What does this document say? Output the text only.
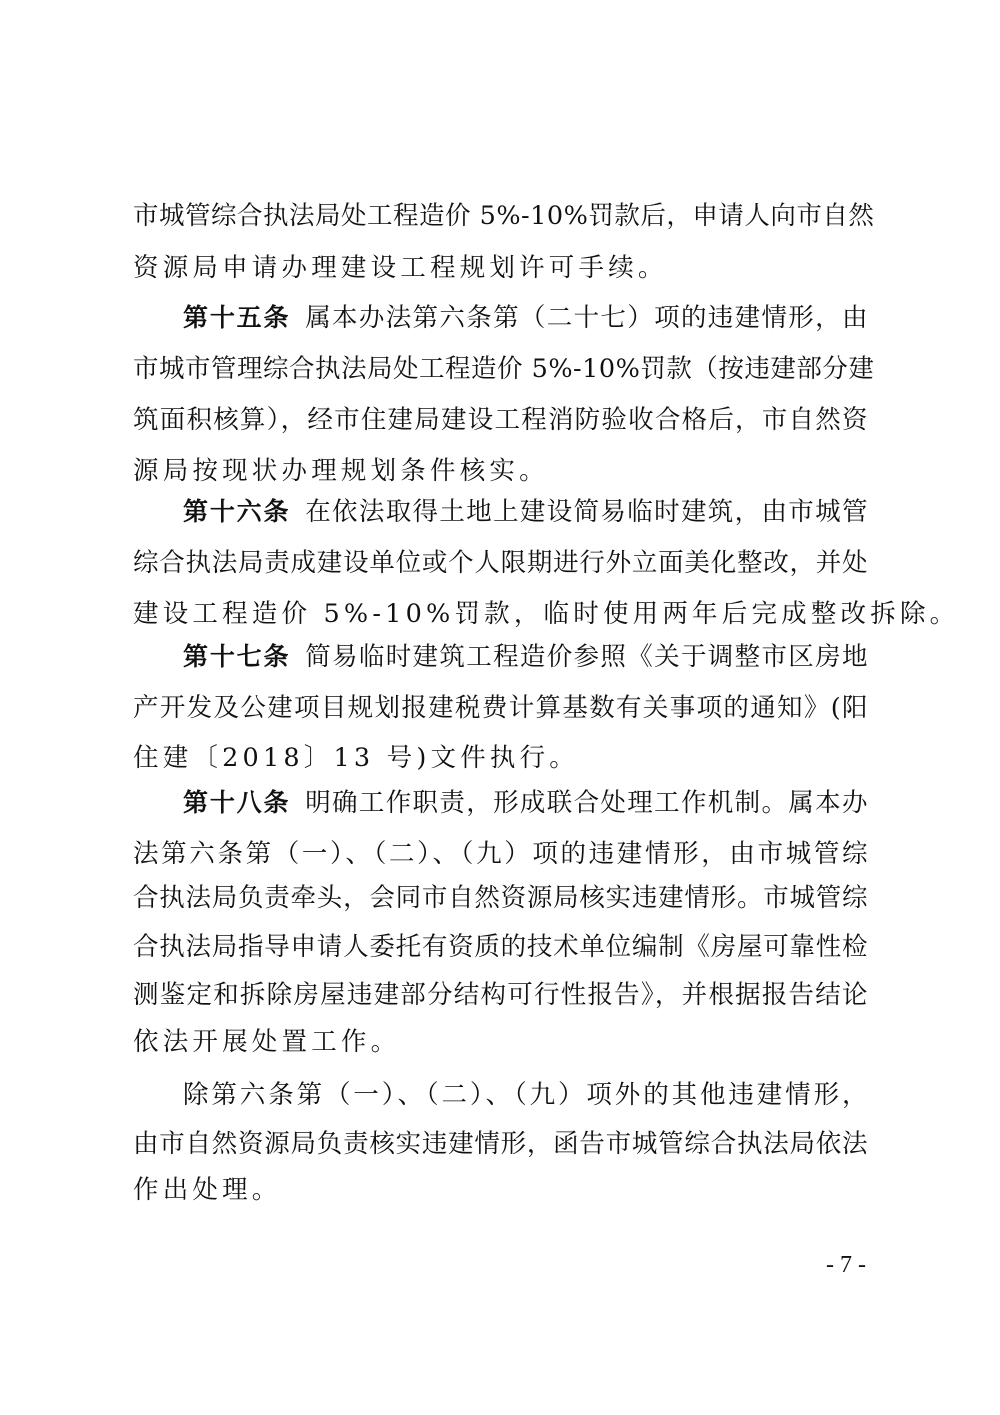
市城管综合执法局处工程造价 5%-10%罚款后，申请人向市自然
资源局申请办理建设工程规划许可手续。
第十五条 属本办法第六条第（二十七）项的违建情形，由
市城市管理综合执法局处工程造价 5%-10%罚款（按违建部分建
筑面积核算），经市住建局建设工程消防验收合格后，市自然资
源局按现状办理规划条件核实。
第十六条 在依法取得土地上建设简易临时建筑，由市城管
综合执法局责成建设单位或个人限期进行外立面美化整改，并处
建设工程造价 5%-10%罚款，临时使用两年后完成整改拆除。
第十七条 简易临时建筑工程造价参照《关于调整市区房地
产开发及公建项目规划报建税费计算基数有关事项的通知》(阳
住建〔2018〕13 号)文件执行。
第十八条 明确工作职责，形成联合处理工作机制。属本办
法第六条第（一）、（二）、（九）项的违建情形，由市城管综
合执法局负责牵头，会同市自然资源局核实违建情形。市城管综
合执法局指导申请人委托有资质的技术单位编制《房屋可靠性检
测鉴定和拆除房屋违建部分结构可行性报告》，并根据报告结论
依法开展处置工作。
除第六条第（一）、（二）、（九）项外的其他违建情形，
由市自然资源局负责核实违建情形，函告市城管综合执法局依法
作出处理。
- 7 -
